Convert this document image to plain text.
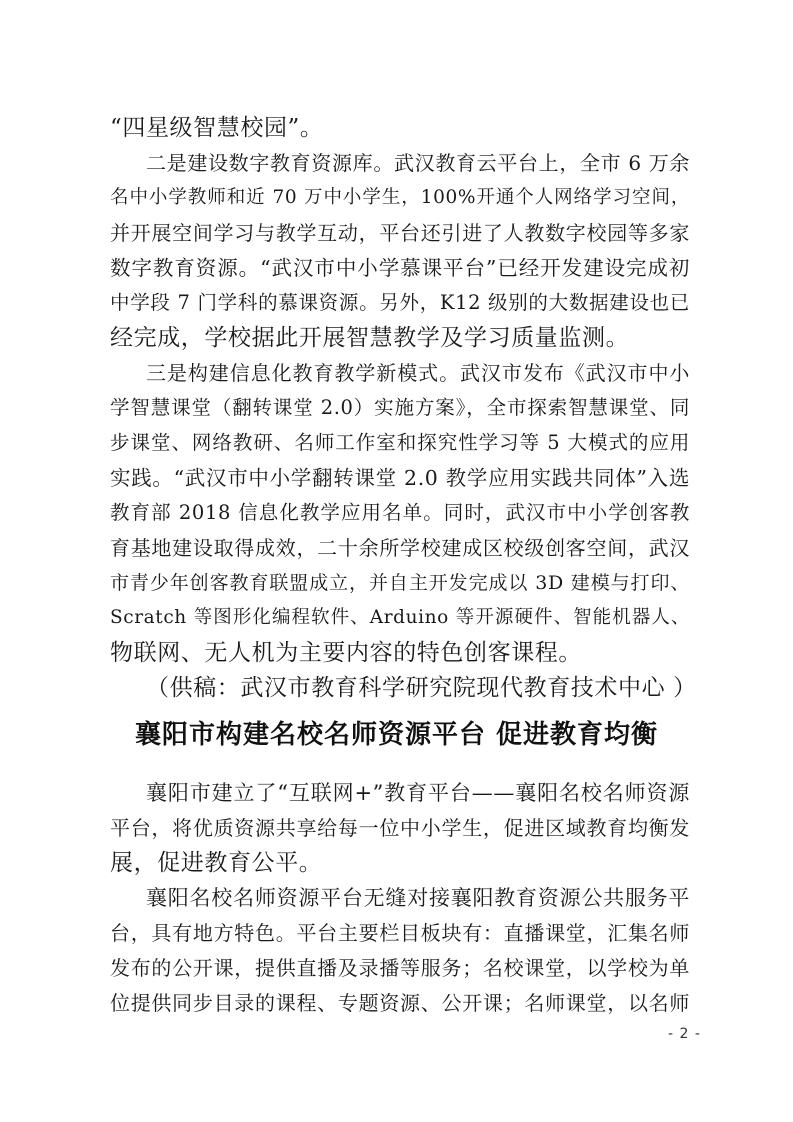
“四星级智慧校园”。
二是建设数字教育资源库。武汉教育云平台上，全市 6 万余
名中小学教师和近 70 万中小学生，100%开通个人网络学习空间，
并开展空间学习与教学互动，平台还引进了人教数字校园等多家
数字教育资源。“武汉市中小学慕课平台”已经开发建设完成初
中学段 7 门学科的慕课资源。另外，K12 级别的大数据建设也已
经完成，学校据此开展智慧教学及学习质量监测。
三是构建信息化教育教学新模式。武汉市发布《武汉市中小
学智慧课堂（翻转课堂 2.0）实施方案》，全市探索智慧课堂、同
步课堂、网络教研、名师工作室和探究性学习等 5 大模式的应用
实践。“武汉市中小学翻转课堂 2.0 教学应用实践共同体”入选
教育部 2018 信息化教学应用名单。同时，武汉市中小学创客教
育基地建设取得成效，二十余所学校建成区校级创客空间，武汉
市青少年创客教育联盟成立，并自主开发完成以 3D 建模与打印、
Scratch 等图形化编程软件、Arduino 等开源硬件、智能机器人、
物联网、无人机为主要内容的特色创客课程。
（供稿：武汉市教育科学研究院现代教育技术中心 ）
襄阳市构建名校名师资源平台 促进教育均衡
襄阳市建立了“互联网+”教育平台——襄阳名校名师资源
平台，将优质资源共享给每一位中小学生，促进区域教育均衡发
展，促进教育公平。
襄阳名校名师资源平台无缝对接襄阳教育资源公共服务平
台，具有地方特色。平台主要栏目板块有：直播课堂，汇集名师
发布的公开课，提供直播及录播等服务；名校课堂，以学校为单
位提供同步目录的课程、专题资源、公开课；名师课堂，以名师
- 2 -
